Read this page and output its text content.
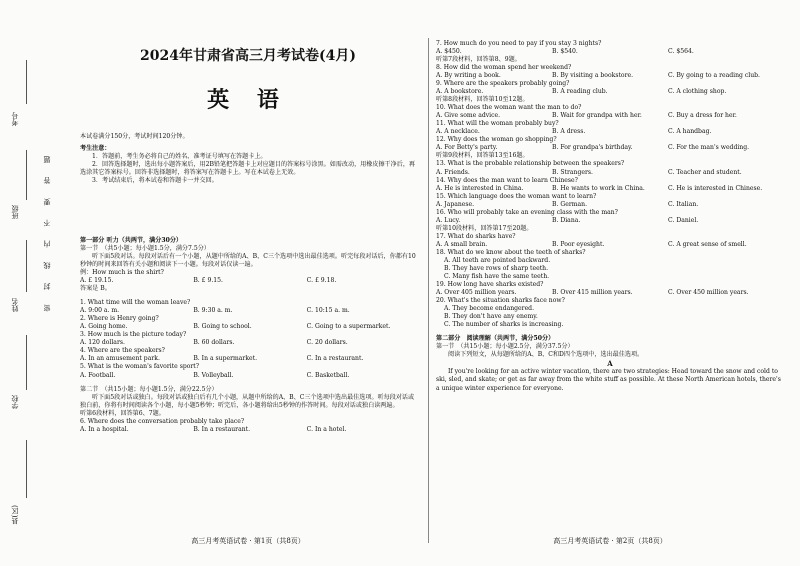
考号
班级
姓名
学校
县(区)
密 封 线 内 不 要 答 题
2024年甘肃省高三月考试卷(4月)
英 语

本试卷满分150分，考试时间120分钟。

考生注意：

1．答题前，考生务必将自己的姓名、准考证号填写在答题卡上。

2．回答选择题时，选出每小题答案后，用2B铅笔把答题卡上对应题目的答案标号涂黑。如需改动，用橡皮擦干净后，再选涂其它答案标号。回答非选择题时，将答案写在答题卡上。写在本试卷上无效。

3．考试结束后，将本试卷和答题卡一并交回。

第一部分 听力（共两节，满分30分）

第一节　（共5小题；每小题1.5分，满分7.5分）

听下面5段对话。每段对话后有一个小题，从题中所给的A、B、C三个选项中选出最佳选项。听完每段对话后，你都有10秒钟的时间来回答有关小题和阅读下一小题。每段对话仅读一遍。

例：How much is the shirt?

A. £ 19.15.	B. £ 9.15.	C. £ 9.18.

答案是 B。

1. What time will the woman leave?

A. 9:00 a. m.	B. 9:30 a. m.	C. 10:15 a. m.

2. Where is Henry going?

A. Going home.	B. Going to school.	C. Going to a supermarket.

3. How much is the picture today?

A. 120 dollars.	B. 60 dollars.	C. 20 dollars.

4. Where are the speakers?

A. In an amusement park.	B. In a supermarket.	C. In a restaurant.

5. What is the woman's favorite sport?

A. Football.	B. Volleyball.	C. Basketball.

第二节　（共15小题；每小题1.5分，满分22.5分）

听下面5段对话或独白。每段对话或独白后有几个小题，从题中所给的A、B、C三个选项中选出最佳选项。听每段对话或独白前，你将有时间阅读各个小题，每小题5秒钟；听完后，各小题将给出5秒钟的作答时间。每段对话或独白读两遍。

听第6段材料，回答第6、7题。

6. Where does the conversation probably take place?

A. In a hospital.	B. In a restaurant.	C. In a hotel.
高三月考英语试卷 · 第1页（共8页）

7. How much do you need to pay if you stay 3 nights?

A. $450.	B. $540.	C. $564.

听第7段材料，回答第8、9题。

8. How did the woman spend her weekend?

A. By writing a book.	B. By visiting a bookstore.	C. By going to a reading club.

9. Where are the speakers probably going?

A. A bookstore.	B. A reading club.	C. A clothing shop.

听第8段材料，回答第10至12题。

10. What does the woman want the man to do?

A. Give some advice.	B. Wait for grandpa with her.	C. Buy a dress for her.

11. What will the woman probably buy?

A. A necklace.	B. A dress.	C. A handbag.

12. Why does the woman go shopping?

A. For Betty's party.	B. For grandpa's birthday.	C. For the man's wedding.

听第9段材料，回答第13至16题。

13. What is the probable relationship between the speakers?

A. Friends.	B. Strangers.	C. Teacher and student.

14. Why does the man want to learn Chinese?

A. He is interested in China.	B. He wants to work in China.	C. He is interested in Chinese.

15. Which language does the woman want to learn?

A. Japanese.	B. German.	C. Italian.

16. Who will probably take an evening class with the man?

A. Lucy.	B. Diana.	C. Daniel.

听第10段材料，回答第17至20题。

17. What do sharks have?

A. A small brain.	B. Poor eyesight.	C. A great sense of smell.

18. What do we know about the teeth of sharks?

A. All teeth are pointed backward.

B. They have rows of sharp teeth.

C. Many fish have the same teeth.

19. How long have sharks existed?

A. Over 405 million years.	B. Over 415 million years.	C. Over 450 million years.

20. What's the situation sharks face now?

A. They become endangered.

B. They don't have any enemy.

C. The number of sharks is increasing.

第二部分　阅读理解（共两节，满分50分）

第一节　（共15小题；每小题2.5分，满分37.5分）

阅读下列短文，从每题所给的A、B、C和D四个选项中，选出最佳选项。

A

If you're looking for an active winter vacation, there are two strategies: Head toward the snow and cold to ski, sled, and skate; or get as far away from the white stuff as possible. At these North American hotels, there's a unique winter experience for everyone.

高三月考英语试卷 · 第2页（共8页）
